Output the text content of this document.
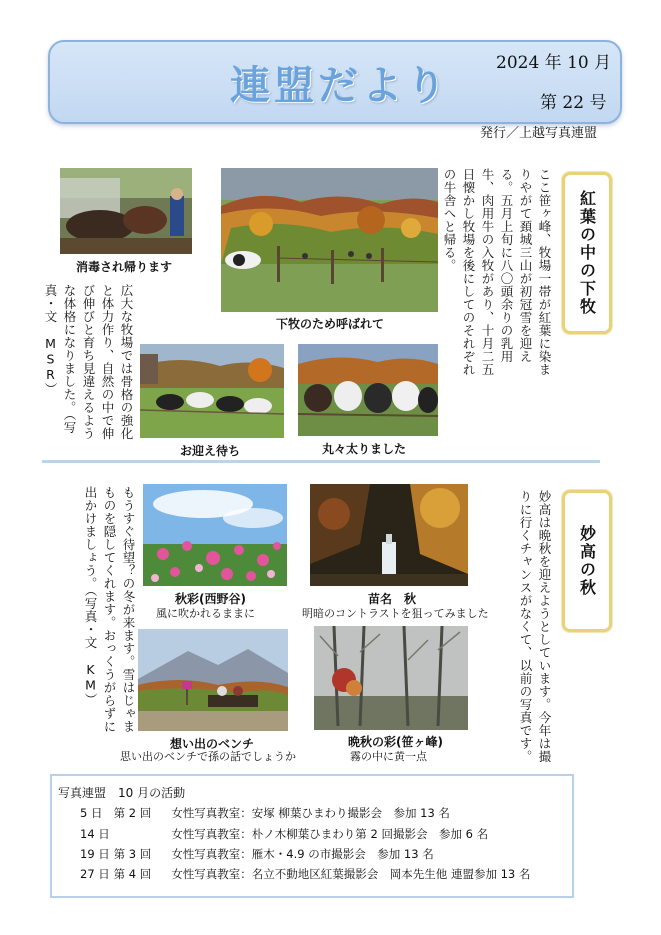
連盟だより	2024 年 10 月
第 22 号
発行／上越写真連盟
紅葉の中の下牧
ここ笹ヶ峰、牧場一帯が紅葉に染まりやがて頚城三山が初冠雪を迎える。五月上旬に八〇頭余りの乳用牛、肉用牛の入牧があり、十月二五日懐かし牧場を後にしてのそれぞれの牛舎へと帰る。
消毒され帰ります
下牧のため呼ばれて
お迎え待ち	丸々太りました
広大な牧場では骨格の強化と体力作り、自然の中で伸び伸びと育ち見違えるような体格になりました。（写真・文　MSR）
妙高の秋
妙高は晩秋を迎えようとしています。今年は撮りに行くチャンスがなくて、以前の写真です。
秋彩(西野谷)
風に吹かれるままに
苗名　秋
明暗のコントラストを狙ってみました
想い出のベンチ
思い出のベンチで孫の話でしょうか
晩秋の彩(笹ヶ峰)
霧の中に黄一点
もうすぐ待望？の冬が来ます。雪はじゃまものを隠してくれます。おっくうがらずに出かけましょう。（写真・文　KM）
写真連盟　10 月の活動
5 日 第 2 回 女性写真教室：安塚 柳葉ひまわり撮影会　参加 13 名
14 日	女性写真教室：朴ノ木柳葉ひまわり第 2 回撮影会　参加 6 名
19 日 第 3 回 女性写真教室：雁木・4.9 の市撮影会　参加 13 名
27 日 第 4 回 女性写真教室：名立不動地区紅葉撮影会　岡本先生他 連盟参加 13 名
